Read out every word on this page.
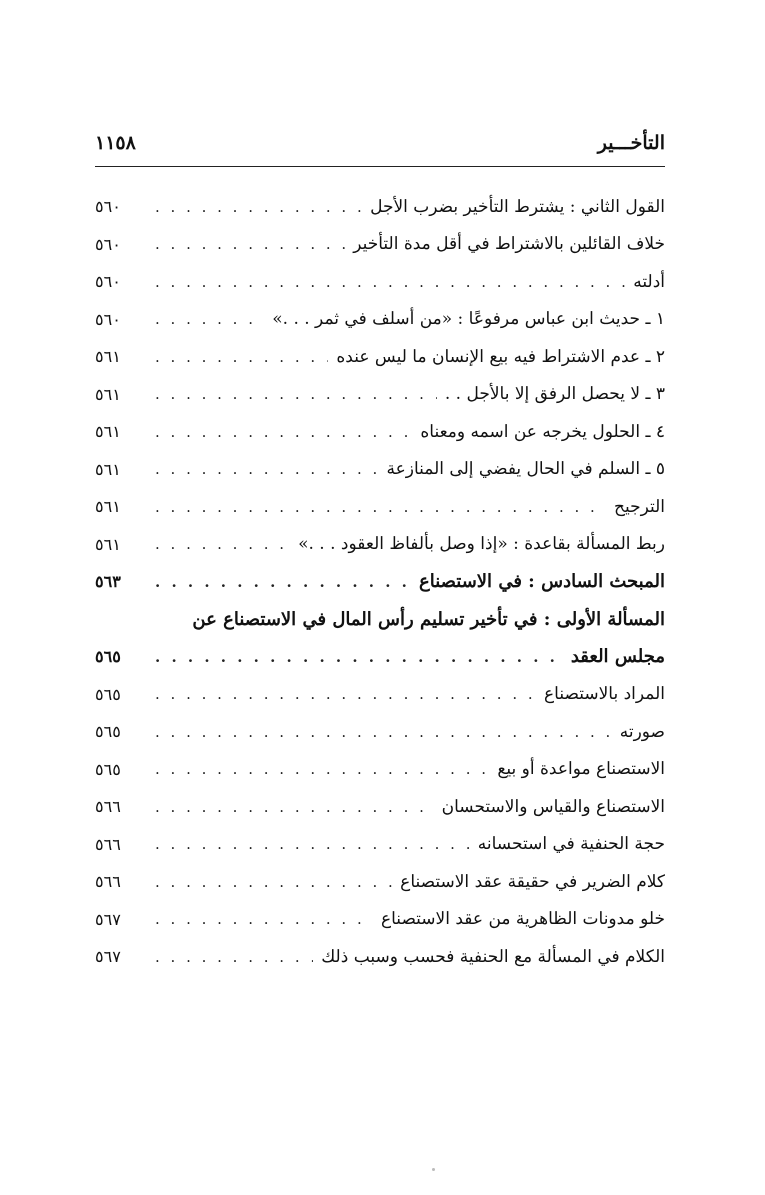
التأخـــير
١١٥٨
القول الثاني : يشترط التأخير بضرب الأجل
. . .
٥٦٠
خلاف القائلين بالاشتراط في أقل مدة التأخير
. . .
٥٦٠
أدلته
. . .
٥٦٠
١ ـ حديث ابن عباس مرفوعًا : «من أسلف في ثمر . . .»
. . .
٥٦٠
٢ ـ عدم الاشتراط فيه بيع الإنسان ما ليس عنده
. . .
٥٦١
٣ ـ لا يحصل الرفق إلا بالأجل . .
. . .
٥٦١
٤ ـ الحلول يخرجه عن اسمه ومعناه
. . .
٥٦١
٥ ـ السلم في الحال يفضي إلى المنازعة
. . .
٥٦١
الترجيح
. . .
٥٦١
ربط المسألة بقاعدة : «إذا وصل بألفاظ العقود . . .»
. . .
٥٦١
المبحث السادس : في الاستصناع
. . .
٥٦٣
المسألة الأولى : في تأخير تسليم رأس المال في الاستصناع عن
مجلس العقد
. . .
٥٦٥
المراد بالاستصناع
. . .
٥٦٥
صورته
. . .
٥٦٥
الاستصناع مواعدة أو بيع
. . .
٥٦٥
الاستصناع والقياس والاستحسان
. . .
٥٦٦
حجة الحنفية في استحسانه
. . .
٥٦٦
كلام الضرير في حقيقة عقد الاستصناع
. . .
٥٦٦
خلو مدونات الظاهرية من عقد الاستصناع
. . .
٥٦٧
الكلام في المسألة مع الحنفية فحسب وسبب ذلك
. . .
٥٦٧
